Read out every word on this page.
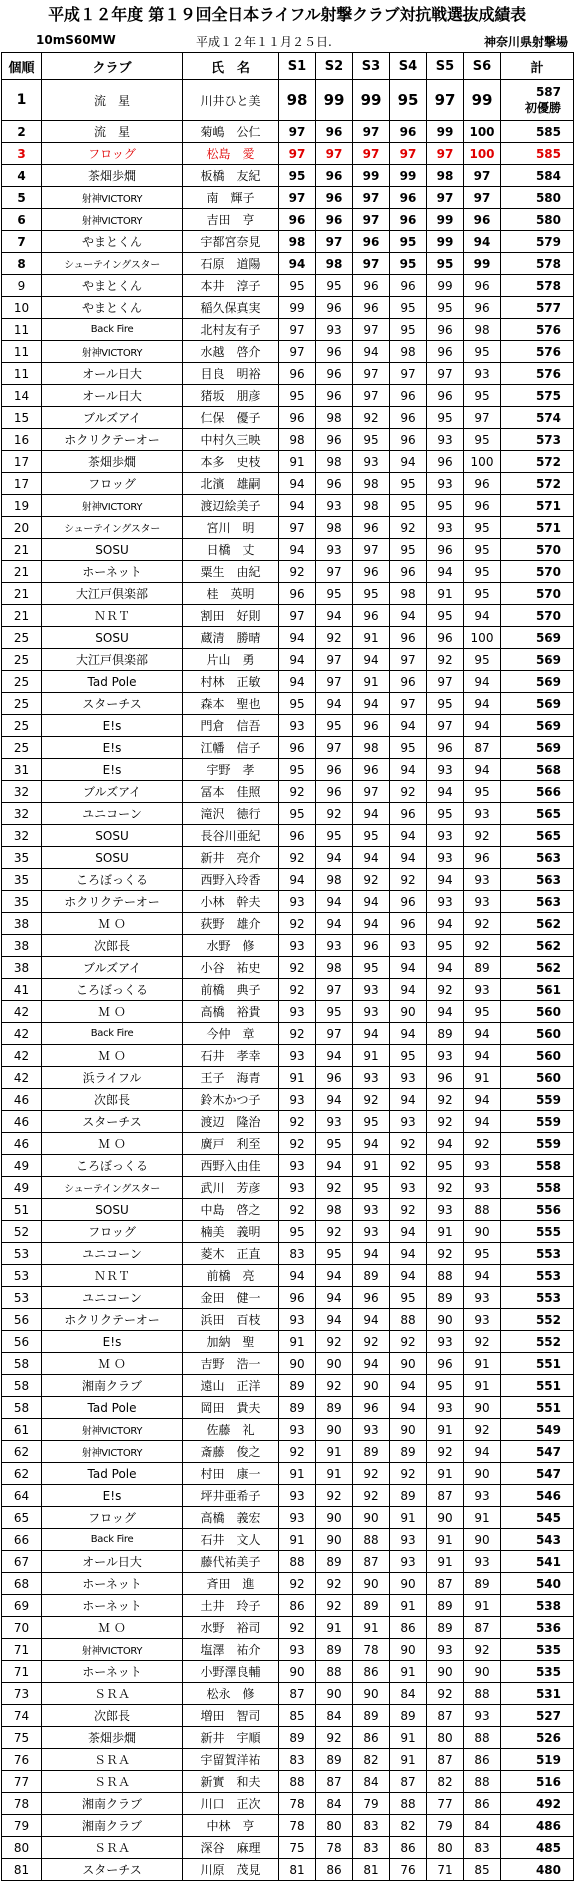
平成１２年度 第１９回全日本ライフル射撃クラブ対抗戦選抜成績表
10mS60MW	平成１２年１１月２５日.	神奈川県射撃場
個順	クラブ	氏　名	S1	S2	S3	S4	S5	S6	計
1	流　星	川井ひと美	98	99	99	95	97	99	587
初優勝

2	流　星	菊嶋　公仁	97	96	97	96	99	100	585
3	フロッグ	松島　愛	97	97	97	97	97	100	585
4	茶畑歩燗	板橋　友紀	95	96	99	99	98	97	584
5	射神VICTORY	南　輝子	97	96	97	96	97	97	580
6	射神VICTORY	吉田　亨	96	96	97	96	99	96	580
7	やまとくん	宇都宮奈見	98	97	96	95	99	94	579
8	シューテイングスター	石原　道陽	94	98	97	95	95	99	578
9	やまとくん	本井　淳子	95	95	96	96	99	96	578
10	やまとくん	稲久保真実	99	96	96	95	95	96	577
11	Back Fire	北村友有子	97	93	97	95	96	98	576
11	射神VICTORY	水越　啓介	97	96	94	98	96	95	576
11	オール日大	目良　明裕	96	96	97	97	97	93	576
14	オール日大	猪坂　朋彦	95	96	97	96	96	95	575
15	ブルズアイ	仁保　優子	96	98	92	96	95	97	574
16	ホクリクテーオー	中村久三映	98	96	95	96	93	95	573
17	茶畑歩燗	本多　史枝	91	98	93	94	96	100	572
17	フロッグ	北濱　雄嗣	94	96	98	95	93	96	572
19	射神VICTORY	渡辺絵美子	94	93	98	95	95	96	571
20	シューテイングスター	宮川　明	97	98	96	92	93	95	571
21	SOSU	日橋　丈	94	93	97	95	96	95	570
21	ホーネット	粟生　由紀	92	97	96	96	94	95	570
21	大江戸倶楽部	桂　英明	96	95	95	98	91	95	570
21	ＮＲＴ	割田　好則	97	94	96	94	95	94	570
25	SOSU	蔵清　勝晴	94	92	91	96	96	100	569
25	大江戸倶楽部	片山　勇	94	97	94	97	92	95	569
25	Tad Pole	村林　正敏	94	97	91	96	97	94	569
25	スターチス	森本　聖也	95	94	94	97	95	94	569
25	E!s	門倉　信吾	93	95	96	94	97	94	569
25	E!s	江幡　信子	96	97	98	95	96	87	569
31	E!s	宇野　孝	95	96	96	94	93	94	568
32	ブルズアイ	冨本　佳照	92	96	97	92	94	95	566
32	ユニコーン	滝沢　徳行	95	92	94	96	95	93	565
32	SOSU	長谷川亜紀	96	95	95	94	93	92	565
35	SOSU	新井　亮介	92	94	94	94	93	96	563
35	ころぼっくる	西野入玲香	94	98	92	92	94	93	563
35	ホクリクテーオー	小林　幹夫	93	94	94	96	93	93	563
38	Ｍ Ｏ	荻野　雄介	92	94	94	96	94	92	562
38	次郎長	水野　修	93	93	96	93	95	92	562
38	ブルズアイ	小谷　祐史	92	98	95	94	94	89	562
41	ころぼっくる	前橋　典子	92	97	93	94	92	93	561
42	Ｍ Ｏ	高橋　裕貴	93	95	93	90	94	95	560
42	Back Fire	今仲　章	92	97	94	94	89	94	560
42	Ｍ Ｏ	石井　孝幸	93	94	91	95	93	94	560
42	浜ライフル	王子　海青	91	96	93	93	96	91	560
46	次郎長	鈴木かつ子	93	94	92	94	92	94	559
46	スターチス	渡辺　隆治	92	93	95	93	92	94	559
46	Ｍ Ｏ	廣戸　利至	92	95	94	92	94	92	559
49	ころぼっくる	西野入由佳	93	94	91	92	95	93	558
49	シューテイングスター	武川　芳彦	93	92	95	93	92	93	558
51	SOSU	中島　啓之	92	98	93	92	93	88	556
52	フロッグ	楠美　義明	95	92	93	94	91	90	555
53	ユニコーン	菱木　正直	83	95	94	94	92	95	553
53	ＮＲＴ	前橋　亮	94	94	89	94	88	94	553
53	ユニコーン	金田　健一	96	94	96	95	89	93	553
56	ホクリクテーオー	浜田　百枝	93	94	94	88	90	93	552
56	E!s	加納　聖	91	92	92	92	93	92	552
58	Ｍ Ｏ	吉野　浩一	90	90	94	90	96	91	551
58	湘南クラブ	遠山　正洋	89	92	90	94	95	91	551
58	Tad Pole	岡田　貴夫	89	89	96	94	93	90	551
61	射神VICTORY	佐藤　礼	93	90	93	90	91	92	549
62	射神VICTORY	斎藤　俊之	92	91	89	89	92	94	547
62	Tad Pole	村田　康一	91	91	92	92	91	90	547
64	E!s	坪井亜希子	93	92	92	89	87	93	546
65	フロッグ	高橋　義宏	93	90	90	91	90	91	545
66	Back Fire	石井　文人	91	90	88	93	91	90	543
67	オール日大	藤代祐美子	88	89	87	93	91	93	541
68	ホーネット	斉田　進	92	92	90	90	87	89	540
69	ホーネット	土井　玲子	86	92	89	91	89	91	538
70	Ｍ Ｏ	水野　裕司	92	91	91	86	89	87	536
71	射神VICTORY	塩澤　祐介	93	89	78	90	93	92	535
71	ホーネット	小野澤良輔	90	88	86	91	90	90	535
73	ＳＲＡ	松永　修	87	90	90	84	92	88	531
74	次郎長	増田　智司	85	84	89	89	87	93	527
75	茶畑歩燗	新井　宇順	89	92	86	91	80	88	526
76	ＳＲＡ	宇留賀洋祐	83	89	82	91	87	86	519
77	ＳＲＡ	新實　和夫	88	87	84	87	82	88	516
78	湘南クラブ	川口　正次	78	84	79	88	77	86	492
79	湘南クラブ	中林　亨	78	80	83	82	79	84	486
80	ＳＲＡ	深谷　麻理	75	78	83	86	80	83	485
81	スターチス	川原　茂見	81	86	81	76	71	85	480
